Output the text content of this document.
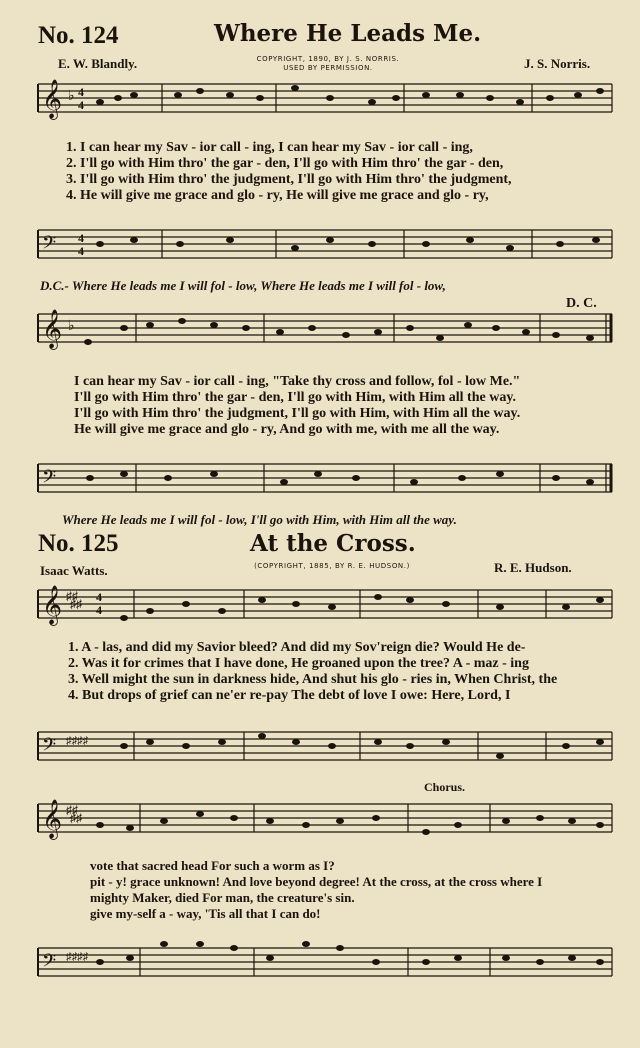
No. 124	Where He Leads Me.
COPYRIGHT, 1890, BY J. S. NORRIS.
USED BY PERMISSION.
E. W. Blandly.	J. S. Norris.
𝄞 ♭ 4
4
1. I can hear my Sav - ior call - ing, I can hear my Sav - ior call - ing,
2. I'll go with Him thro' the gar - den, I'll go with Him thro' the gar - den,
3. I'll go with Him thro' the judgment, I'll go with Him thro' the judgment,
4. He will give me grace and glo - ry, He will give me grace and glo - ry,
𝄢 4
4
D.C.- Where He leads me I will fol - low, Where He leads me I will fol - low,
D. C.
𝄞 ♭
I can hear my Sav - ior call - ing, "Take thy cross and follow, fol - low Me."
I'll go with Him thro' the gar - den, I'll go with Him, with Him all the way.
I'll go with Him thro' the judgment, I'll go with Him, with Him all the way.
He will give me grace and glo - ry, And go with me, with me all the way.
𝄢
Where He leads me I will fol - low, I'll go with Him, with Him all the way.
No. 125	At the Cross.
(COPYRIGHT, 1885, BY R. E. HUDSON.)
Isaac Watts.	R. E. Hudson.
𝄞 ♯♯
♯♯ 4
4
1. A - las, and did my Savior bleed? And did my Sov'reign die? Would He de-
2. Was it for crimes that I have done, He groaned upon the tree? A - maz - ing
3. Well might the sun in darkness hide, And shut his glo - ries in, When Christ, the
4. But drops of grief can ne'er re-pay The debt of love I owe: Here, Lord, I
𝄢 ♯♯♯♯
Chorus.
𝄞 ♯♯
♯♯
vote that sacred head For such a worm as I?
pit - y! grace unknown! And love beyond degree! At the cross, at the cross where I
mighty Maker, died For man, the creature's sin.
give my-self a - way, 'Tis all that I can do!
𝄢 ♯♯♯♯
